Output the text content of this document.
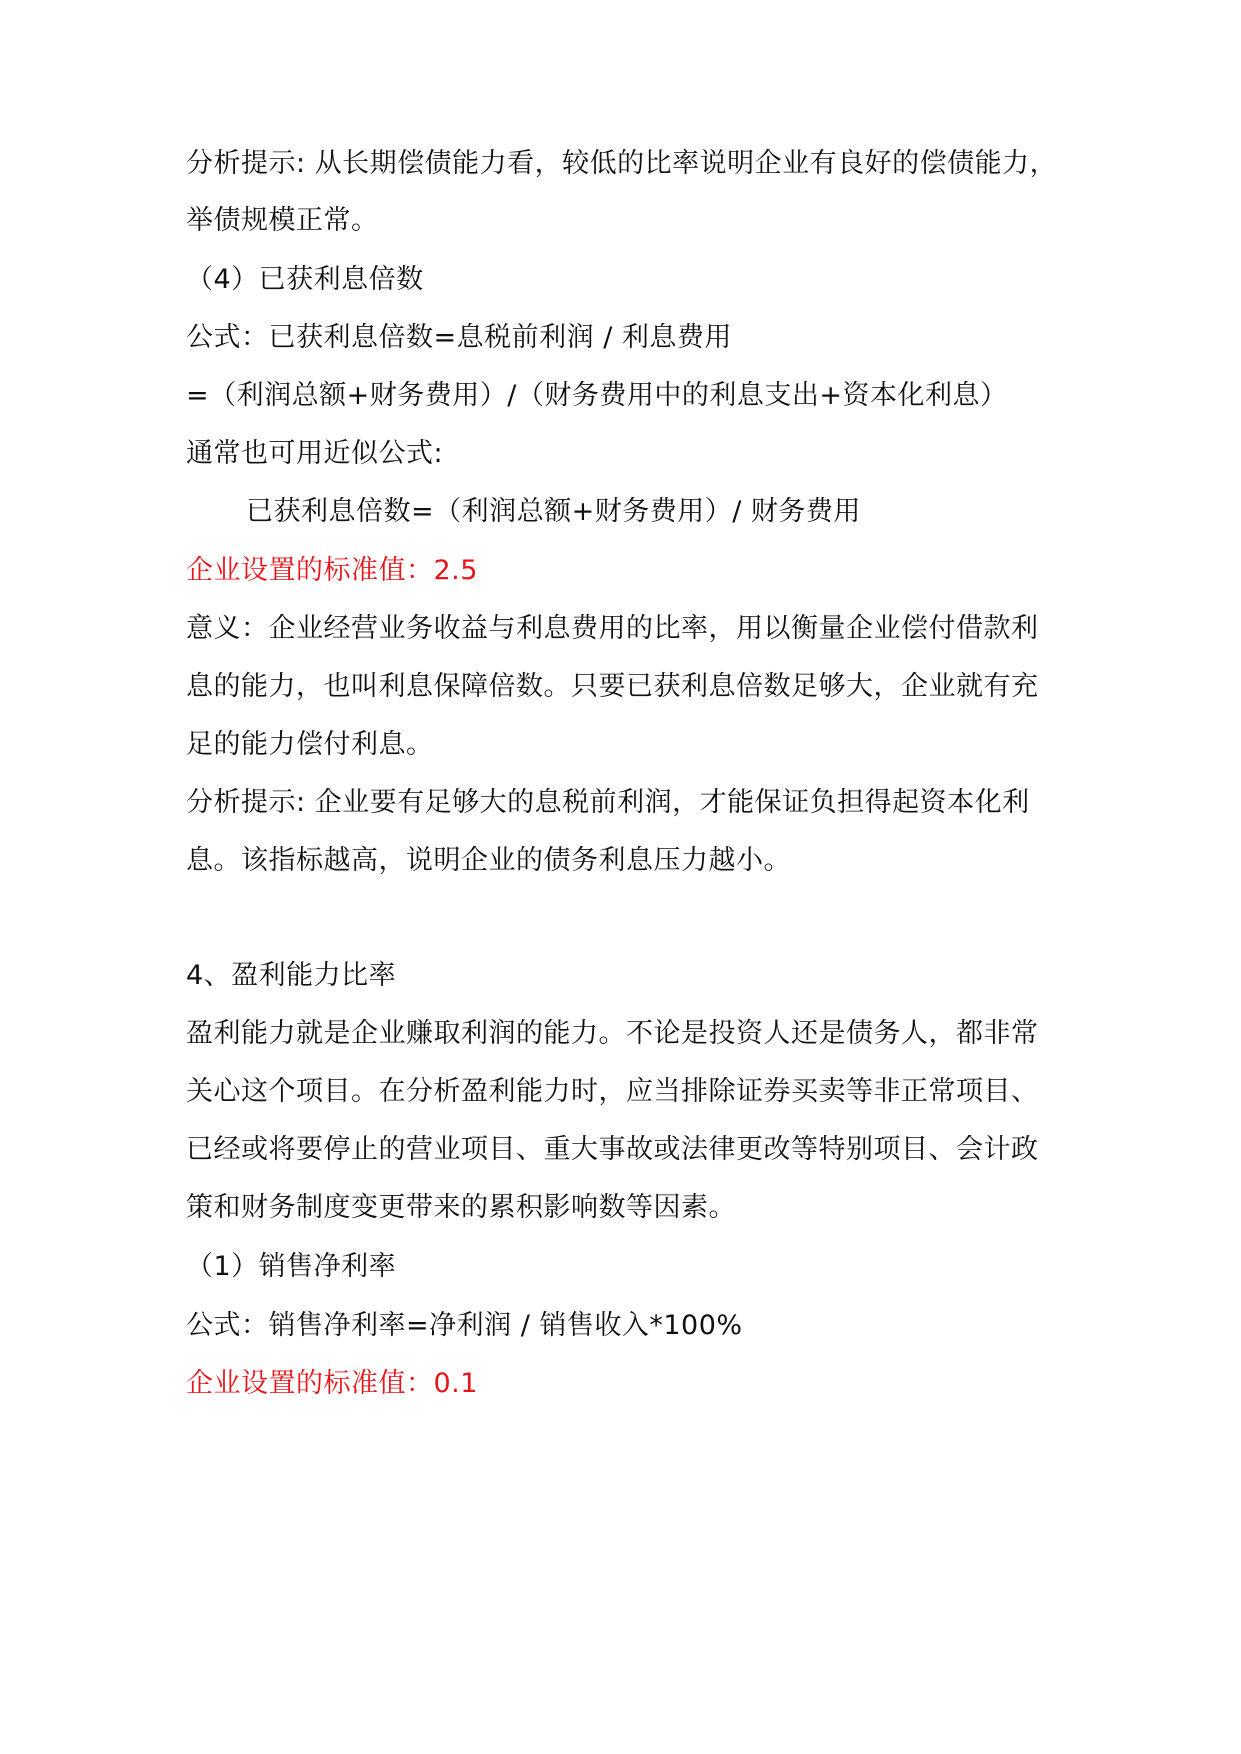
分析提示: 从长期偿债能力看，较低的比率说明企业有良好的偿债能力，
举债规模正常。
（4）已获利息倍数
公式：已获利息倍数=息税前利润 / 利息费用
=（利润总额+财务费用）/（财务费用中的利息支出+资本化利息）
通常也可用近似公式:
已获利息倍数=（利润总额+财务费用）/ 财务费用
企业设置的标准值：2.5
意义：企业经营业务收益与利息费用的比率，用以衡量企业偿付借款利
息的能力，也叫利息保障倍数。只要已获利息倍数足够大，企业就有充
足的能力偿付利息。
分析提示: 企业要有足够大的息税前利润，才能保证负担得起资本化利
息。该指标越高，说明企业的债务利息压力越小。
4、盈利能力比率
盈利能力就是企业赚取利润的能力。不论是投资人还是债务人，都非常
关心这个项目。在分析盈利能力时，应当排除证券买卖等非正常项目、
已经或将要停止的营业项目、重大事故或法律更改等特别项目、会计政
策和财务制度变更带来的累积影响数等因素。
（1）销售净利率
公式：销售净利率=净利润 / 销售收入*100%
企业设置的标准值：0.1
